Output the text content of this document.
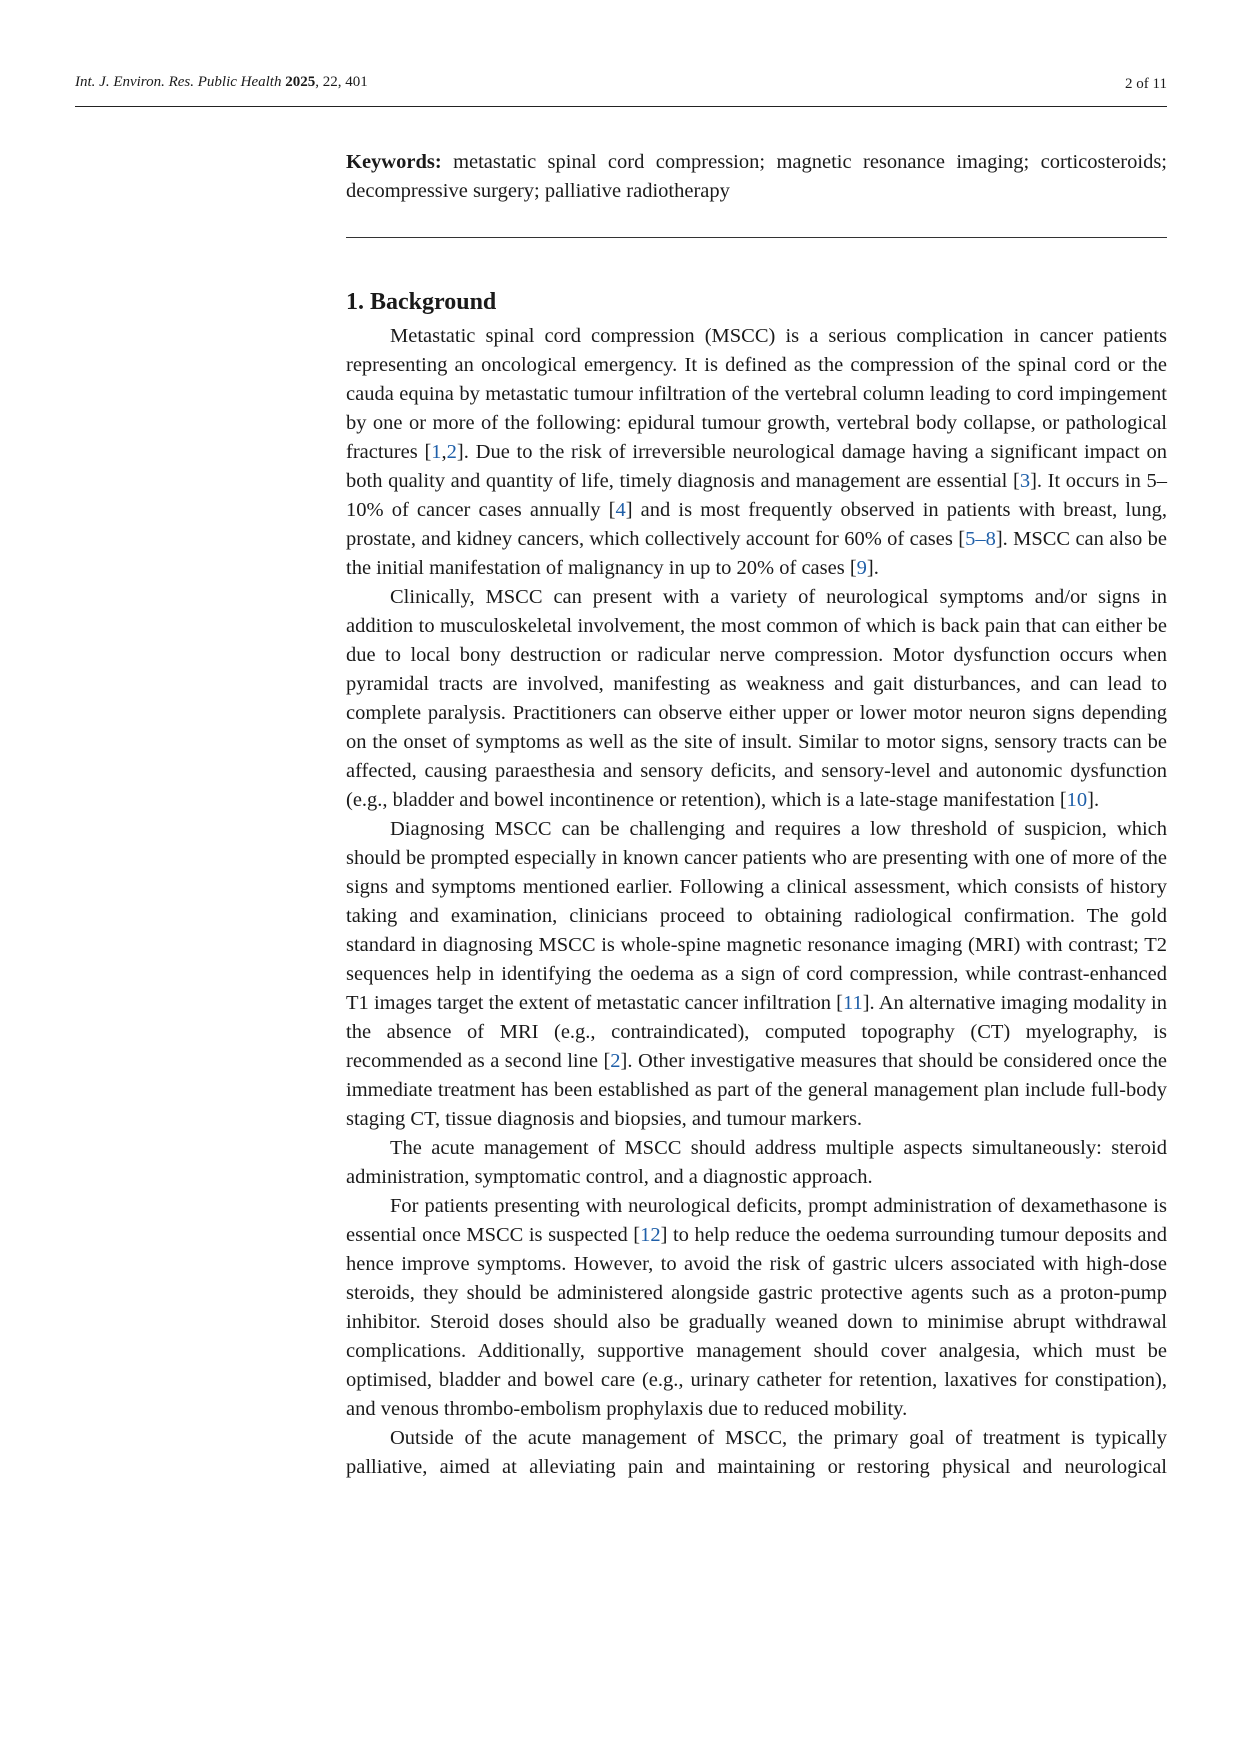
Int. J. Environ. Res. Public Health 2025, 22, 401	2 of 11
Keywords: metastatic spinal cord compression; magnetic resonance imaging; corticosteroids; decompressive surgery; palliative radiotherapy
1. Background

Metastatic spinal cord compression (MSCC) is a serious complication in cancer patients representing an oncological emergency. It is defined as the compression of the spinal cord or the cauda equina by metastatic tumour infiltration of the vertebral column leading to cord impingement by one or more of the following: epidural tumour growth, vertebral body collapse, or pathological fractures [1,2]. Due to the risk of irreversible neurological damage having a significant impact on both quality and quantity of life, timely diagnosis and management are essential [3]. It occurs in 5–10% of cancer cases annually [4] and is most frequently observed in patients with breast, lung, prostate, and kidney cancers, which collectively account for 60% of cases [5–8]. MSCC can also be the initial manifestation of malignancy in up to 20% of cases [9].

Clinically, MSCC can present with a variety of neurological symptoms and/or signs in addition to musculoskeletal involvement, the most common of which is back pain that can either be due to local bony destruction or radicular nerve compression. Motor dysfunction occurs when pyramidal tracts are involved, manifesting as weakness and gait disturbances, and can lead to complete paralysis. Practitioners can observe either upper or lower motor neuron signs depending on the onset of symptoms as well as the site of insult. Similar to motor signs, sensory tracts can be affected, causing paraesthesia and sensory deficits, and sensory-level and autonomic dysfunction (e.g., bladder and bowel incontinence or retention), which is a late-stage manifestation [10].

Diagnosing MSCC can be challenging and requires a low threshold of suspicion, which should be prompted especially in known cancer patients who are presenting with one of more of the signs and symptoms mentioned earlier. Following a clinical assessment, which consists of history taking and examination, clinicians proceed to obtaining radiological confirmation. The gold standard in diagnosing MSCC is whole-spine magnetic resonance imaging (MRI) with contrast; T2 sequences help in identifying the oedema as a sign of cord compression, while contrast-enhanced T1 images target the extent of metastatic cancer infiltration [11]. An alternative imaging modality in the absence of MRI (e.g., contraindicated), computed topography (CT) myelography, is recommended as a second line [2]. Other investigative measures that should be considered once the immediate treatment has been established as part of the general management plan include full-body staging CT, tissue diagnosis and biopsies, and tumour markers.

The acute management of MSCC should address multiple aspects simultaneously: steroid administration, symptomatic control, and a diagnostic approach.

For patients presenting with neurological deficits, prompt administration of dexamethasone is essential once MSCC is suspected [12] to help reduce the oedema surrounding tumour deposits and hence improve symptoms. However, to avoid the risk of gastric ulcers associated with high-dose steroids, they should be administered alongside gastric protective agents such as a proton-pump inhibitor. Steroid doses should also be gradually weaned down to minimise abrupt withdrawal complications. Additionally, supportive management should cover analgesia, which must be optimised, bladder and bowel care (e.g., urinary catheter for retention, laxatives for constipation), and venous thrombo-embolism prophylaxis due to reduced mobility.

Outside of the acute management of MSCC, the primary goal of treatment is typically palliative, aimed at alleviating pain and maintaining or restoring physical and neurological
